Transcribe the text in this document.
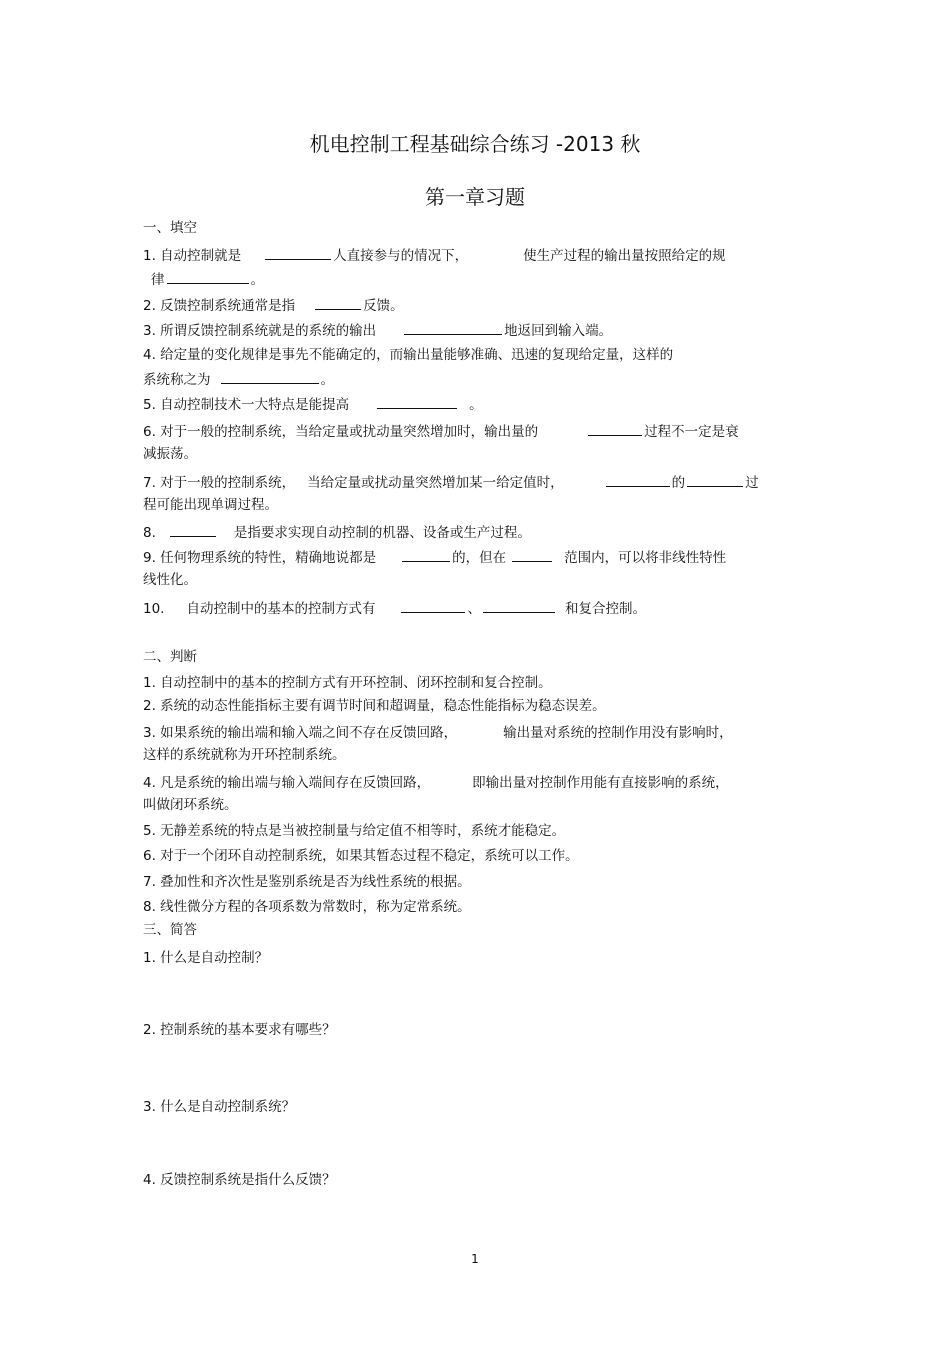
机电控制工程基础综合练习 -2013 秋
第一章习题
一、填空
1. 自动控制就是	人直接参与的情况下，	使生产过程的输出量按照给定的规
律	。
2. 反馈控制系统通常是指	反馈。
3. 所谓反馈控制系统就是的系统的输出	地返回到输入端。
4. 给定量的变化规律是事先不能确定的，而输出量能够准确、迅速的复现给定量，这样的
系统称之为	。
5. 自动控制技术一大特点是能提高	。
6. 对于一般的控制系统，当给定量或扰动量突然增加时，输出量的	过程不一定是衰
减振荡。
7. 对于一般的控制系统， 当给定量或扰动量突然增加某一给定值时，	的	过
程可能出现单调过程。
8.	是指要求实现自动控制的机器、设备或生产过程。
9. 任何物理系统的特性，精确地说都是	的，但在	范围内，可以将非线性特性
线性化。
10. 自动控制中的基本的控制方式有	、	和复合控制。
二、判断
1. 自动控制中的基本的控制方式有开环控制、闭环控制和复合控制。
2. 系统的动态性能指标主要有调节时间和超调量，稳态性能指标为稳态误差。
3. 如果系统的输出端和输入端之间不存在反馈回路，	输出量对系统的控制作用没有影响时，
这样的系统就称为开环控制系统。
4. 凡是系统的输出端与输入端间存在反馈回路，	即输出量对控制作用能有直接影响的系统，
叫做闭环系统。
5. 无静差系统的特点是当被控制量与给定值不相等时，系统才能稳定。
6. 对于一个闭环自动控制系统，如果其暂态过程不稳定，系统可以工作。
7. 叠加性和齐次性是鉴别系统是否为线性系统的根据。
8. 线性微分方程的各项系数为常数时，称为定常系统。
三、简答
1. 什么是自动控制？
2. 控制系统的基本要求有哪些？
3. 什么是自动控制系统？
4. 反馈控制系统是指什么反馈？
1
